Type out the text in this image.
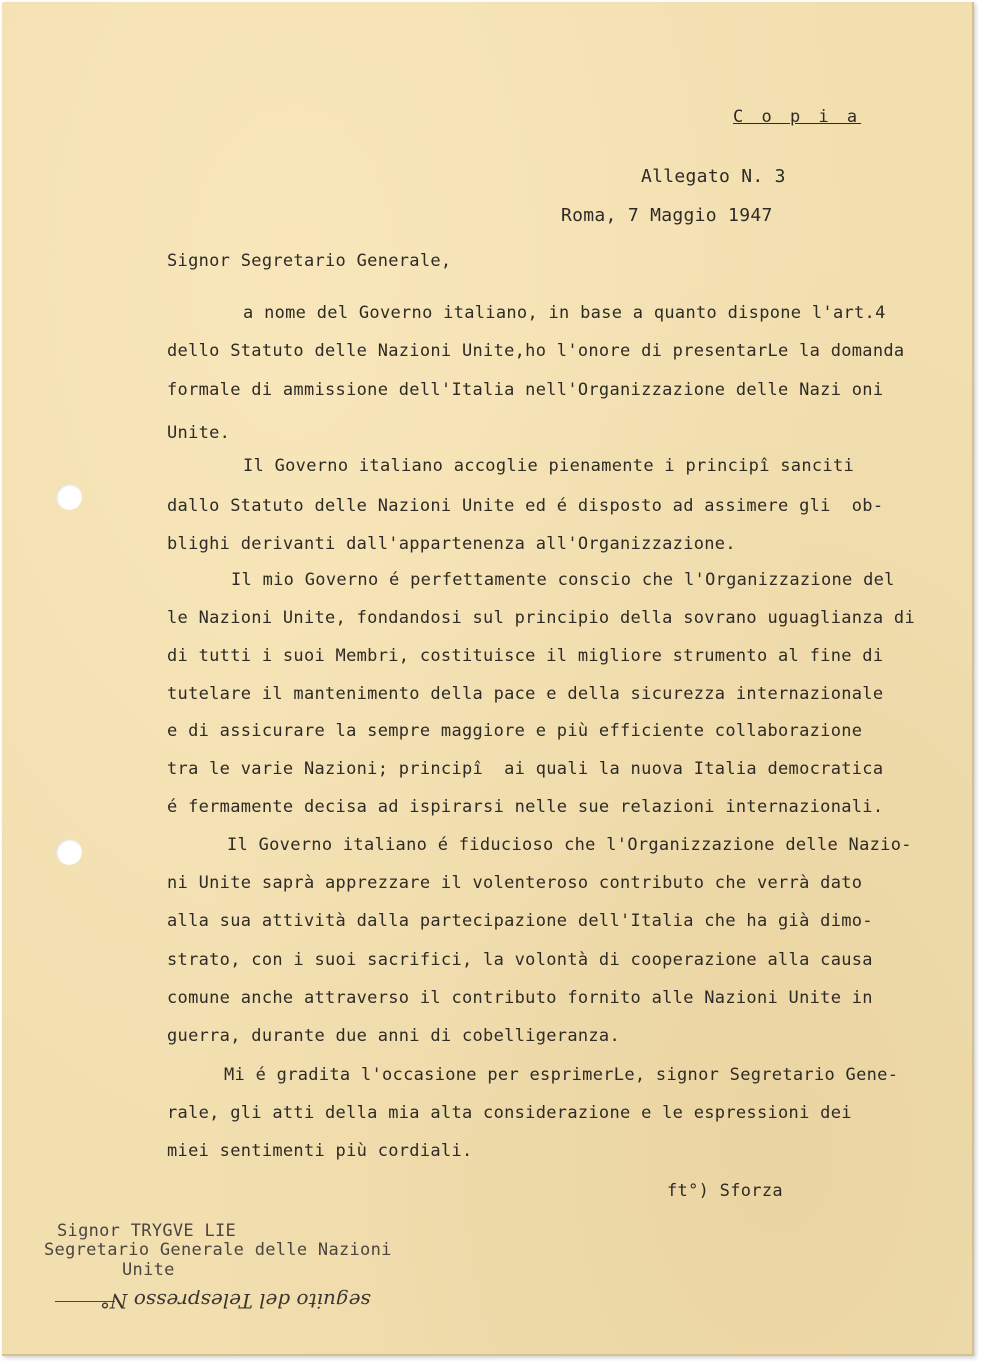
C o p i a
Allegato N. 3
Roma, 7 Maggio 1947
Signor Segretario Generale,
a nome del Governo italiano, in base a quanto dispone l'art.4
dello Statuto delle Nazioni Unite,ho l'onore di presentarLe la domanda
formale di ammissione dell'Italia nell'Organizzazione delle Nazi oni
Unite.
Il Governo italiano accoglie pienamente i principî sanciti
dallo Statuto delle Nazioni Unite ed é disposto ad assimere gli  ob-
blighi derivanti dall'appartenenza all'Organizzazione.
Il mio Governo é perfettamente conscio che l'Organizzazione del
le Nazioni Unite, fondandosi sul principio della sovrano uguaglianza di
di tutti i suoi Membri, costituisce il migliore strumento al fine di
tutelare il mantenimento della pace e della sicurezza internazionale
e di assicurare la sempre maggiore e più efficiente collaborazione
tra le varie Nazioni; principî  ai quali la nuova Italia democratica
é fermamente decisa ad ispirarsi nelle sue relazioni internazionali.
Il Governo italiano é fiducioso che l'Organizzazione delle Nazio-
ni Unite saprà apprezzare il volenteroso contributo che verrà dato
alla sua attività dalla partecipazione dell'Italia che ha già dimo-
strato, con i suoi sacrifici, la volontà di cooperazione alla causa
comune anche attraverso il contributo fornito alle Nazioni Unite in
guerra, durante due anni di cobelligeranza.
Mi é gradita l'occasione per esprimerLe, signor Segretario Gene-
rale, gli atti della mia alta considerazione e le espressioni dei
miei sentimenti più cordiali.
ft°) Sforza
Signor TRYGVE LIE
Segretario Generale delle Nazioni
Unite
seguito del Telespresso N°
